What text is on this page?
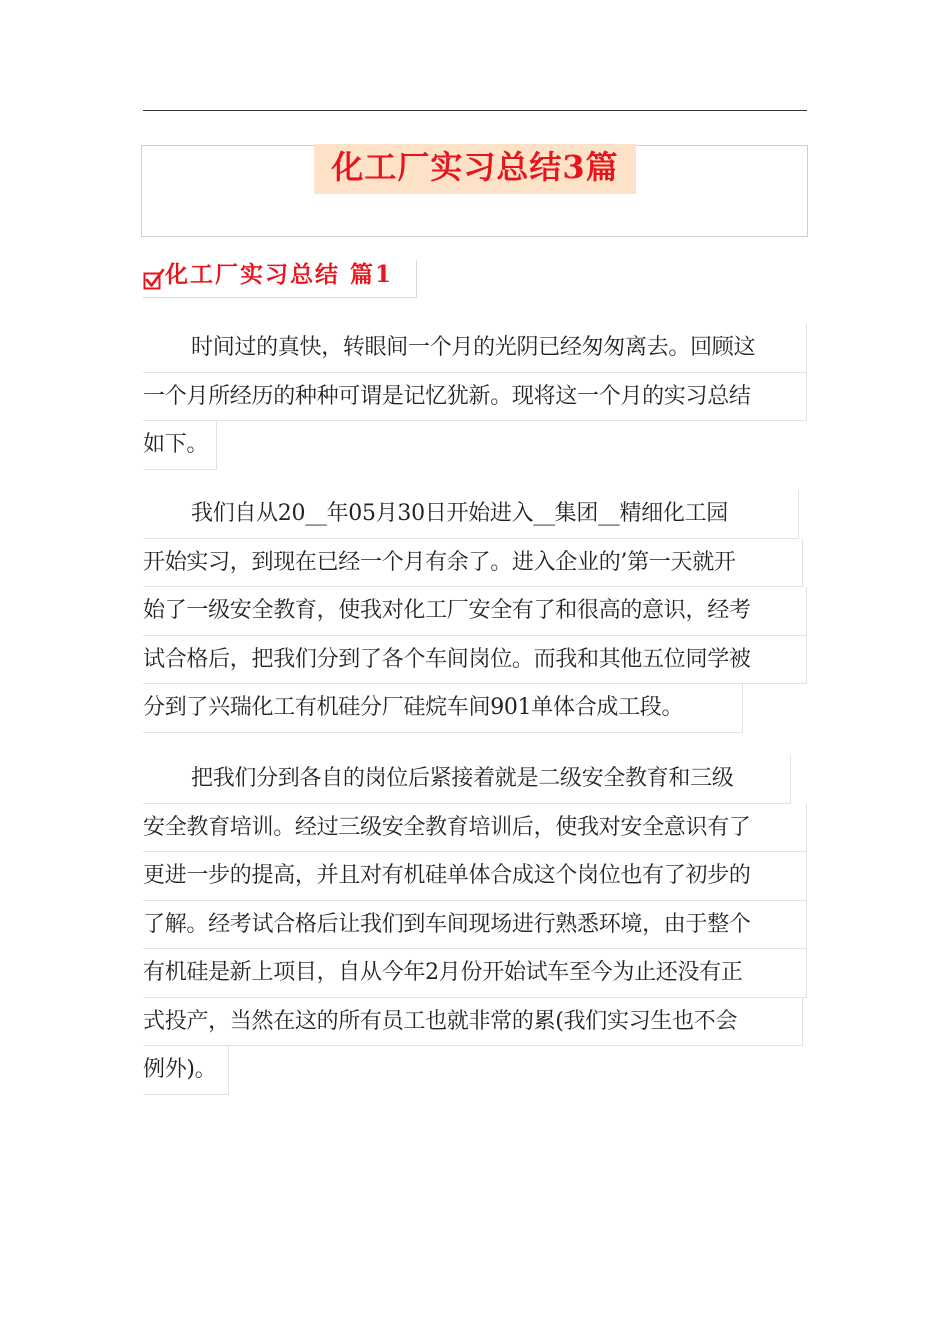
化工厂实习总结3篇
化工厂实习总结 篇1
时间过的真快，转眼间一个月的光阴已经匆匆离去。回顾这
一个月所经历的种种可谓是记忆犹新。现将这一个月的实习总结
如下。
我们自从20__年05月30日开始进入__集团__精细化工园
开始实习，到现在已经一个月有余了。进入企业的’第一天就开
始了一级安全教育，使我对化工厂安全有了和很高的意识，经考
试合格后，把我们分到了各个车间岗位。而我和其他五位同学被
分到了兴瑞化工有机硅分厂硅烷车间901单体合成工段。
把我们分到各自的岗位后紧接着就是二级安全教育和三级
安全教育培训。经过三级安全教育培训后，使我对安全意识有了
更进一步的提高，并且对有机硅单体合成这个岗位也有了初步的
了解。经考试合格后让我们到车间现场进行熟悉环境，由于整个
有机硅是新上项目，自从今年2月份开始试车至今为止还没有正
式投产，当然在这的所有员工也就非常的累(我们实习生也不会
例外)。
